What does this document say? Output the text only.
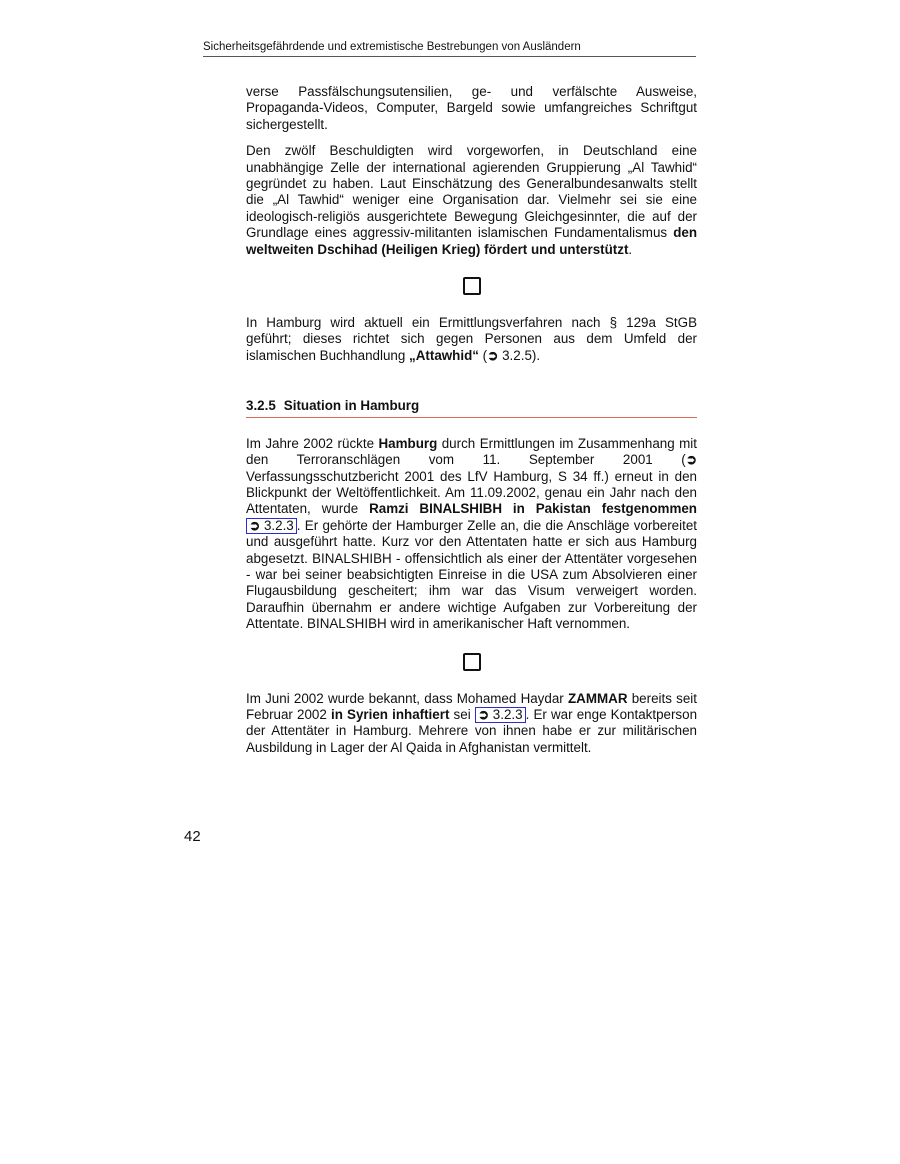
Sicherheitsgefährdende und extremistische Bestrebungen von Ausländern

verse Passfälschungsutensilien, ge- und verfälschte Ausweise, Propaganda-Videos, Computer, Bargeld sowie umfangreiches Schriftgut sichergestellt.

Den zwölf Beschuldigten wird vorgeworfen, in Deutschland eine unabhängige Zelle der international agierenden Gruppierung „Al Tawhid“ gegründet zu haben. Laut Einschätzung des Generalbundesanwalts stellt die „Al Tawhid“ weniger eine Organisation dar. Vielmehr sei sie eine ideologisch-religiös ausgerichtete Bewegung Gleichgesinnter, die auf der Grundlage eines aggressiv-militanten islamischen Fundamentalismus den weltweiten Dschihad (Heiligen Krieg) fördert und unterstützt.

In Hamburg wird aktuell ein Ermittlungsverfahren nach § 129a StGB geführt; dieses richtet sich gegen Personen aus dem Umfeld der islamischen Buchhandlung „Attawhid“ (➲ 3.2.5).

3.2.5 Situation in Hamburg

Im Jahre 2002 rückte Hamburg durch Ermittlungen im Zusammenhang mit den Terroranschlägen vom 11. September 2001 (➲ Verfassungsschutzbericht 2001 des LfV Hamburg, S 34 ff.) erneut in den Blickpunkt der Weltöffentlichkeit. Am 11.09.2002, genau ein Jahr nach den Attentaten, wurde Ramzi BINALSHIBH in Pakistan festgenommen ➲ 3.2.3 . Er gehörte der Hamburger Zelle an, die die Anschläge vorbereitet und ausgeführt hatte. Kurz vor den Attentaten hatte er sich aus Hamburg abgesetzt. BINALSHIBH - offensichtlich als einer der Attentäter vorgesehen - war bei seiner beabsichtigten Einreise in die USA zum Absolvieren einer Flugausbildung gescheitert; ihm war das Visum verweigert worden. Daraufhin übernahm er andere wichtige Aufgaben zur Vorbereitung der Attentate. BINALSHIBH wird in amerikanischer Haft vernommen.

Im Juni 2002 wurde bekannt, dass Mohamed Haydar ZAMMAR bereits seit Februar 2002 in Syrien inhaftiert sei ➲ 3.2.3 . Er war enge Kontaktperson der Attentäter in Hamburg. Mehrere von ihnen habe er zur militärischen Ausbildung in Lager der Al Qaida in Afghanistan vermittelt.

42
